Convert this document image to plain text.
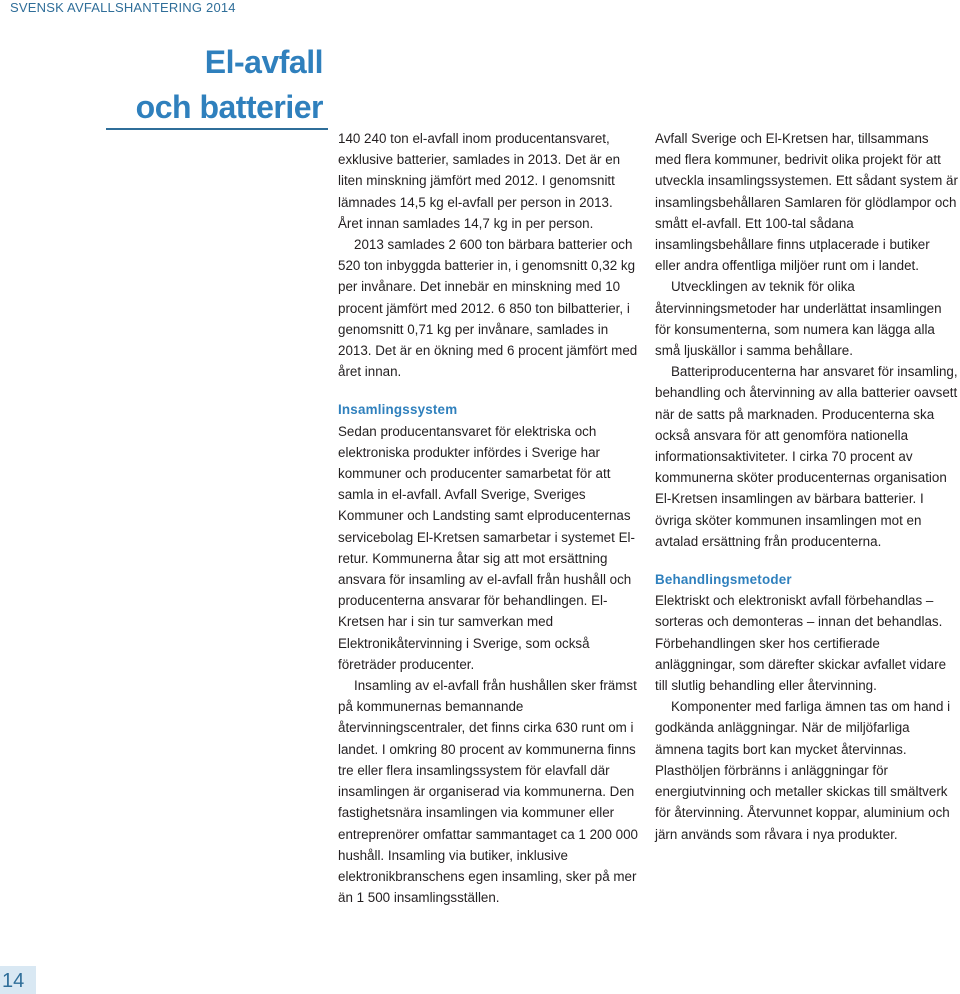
SVENSK AVFALLSHANTERING 2014
El-avfall
och batterier

140 240 ton el-avfall inom producentansvaret, exklusive batterier, samlades in 2013. Det är en liten minskning jämfört med 2012. I genomsnitt lämnades 14,5 kg el-avfall per person in 2013. Året innan samlades 14,7 kg in per person.

2013 samlades 2 600 ton bärbara batterier och 520 ton inbyggda batterier in, i genomsnitt 0,32 kg per invånare. Det innebär en minskning med 10 procent jämfört med 2012. 6 850 ton bilbatterier, i genomsnitt 0,71 kg per invånare, samlades in 2013. Det är en ökning med 6 procent jämfört med året innan.

Insamlingssystem

Sedan producentansvaret för elektriska och elektroniska produkter infördes i Sverige har kommuner och producenter samarbetat för att samla in el-avfall. Avfall Sverige, Sveriges Kommuner och Landsting samt elproducenternas servicebolag El-Kretsen samarbetar i systemet El-retur. Kommunerna åtar sig att mot ersättning ansvara för insamling av el-avfall från hushåll och producenterna ansvarar för behandlingen. El-Kretsen har i sin tur samverkan med Elektronikåtervinning i Sverige, som också företräder producenter.

Insamling av el-avfall från hushållen sker främst på kommunernas bemannande återvinningscentraler, det finns cirka 630 runt om i landet. I omkring 80 procent av kommunerna finns tre eller flera insamlingssystem för elavfall där insamlingen är organiserad via kommunerna. Den fastighetsnära insamlingen via kommuner eller entreprenörer omfattar sammantaget ca 1 200 000 hushåll. Insamling via butiker, inklusive elektronikbranschens egen insamling, sker på mer än 1 500 insamlingsställen.

Avfall Sverige och El-Kretsen har, tillsammans med flera kommuner, bedrivit olika projekt för att utveckla insamlingssystemen. Ett sådant system är insamlingsbehållaren Samlaren för glödlampor och smått el-avfall. Ett 100-tal sådana insamlingsbehållare finns utplacerade i butiker eller andra offentliga miljöer runt om i landet.

Utvecklingen av teknik för olika återvinningsmetoder har underlättat insamlingen för konsumenterna, som numera kan lägga alla små ljuskällor i samma behållare.

Batteriproducenterna har ansvaret för insamling, behandling och återvinning av alla batterier oavsett när de satts på marknaden. Producenterna ska också ansvara för att genomföra nationella informationsaktiviteter. I cirka 70 procent av kommunerna sköter producenternas organisation El-Kretsen insamlingen av bärbara batterier. I övriga sköter kommunen insamlingen mot en avtalad ersättning från producenterna.

Behandlingsmetoder

Elektriskt och elektroniskt avfall förbehandlas – sorteras och demonteras – innan det behandlas. Förbehandlingen sker hos certifierade anläggningar, som därefter skickar avfallet vidare till slutlig behandling eller återvinning.

Komponenter med farliga ämnen tas om hand i godkända anläggningar. När de miljöfarliga ämnena tagits bort kan mycket återvinnas. Plasthöljen förbränns i anläggningar för energiutvinning och metaller skickas till smältverk för återvinning. Återvunnet koppar, aluminium och järn används som råvara i nya produkter.

14
